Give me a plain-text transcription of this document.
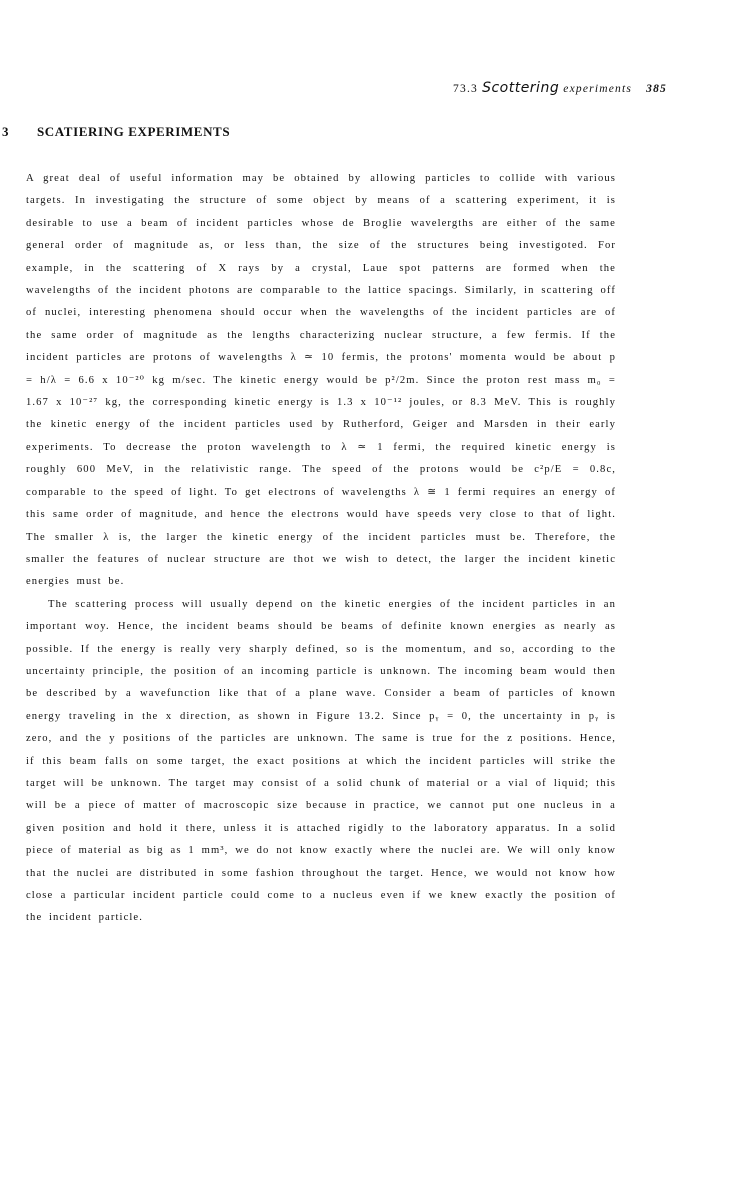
73.3 Scottering experiments 385
3 SCATIERING EXPERIMENTS

A great deal of useful information may be obtained by allowing particles to collide with various targets. In investigating the structure of some object by means of a scattering experiment, it is desirable to use a beam of incident particles whose de Broglie wavelergths are either of the same general order of magnitude as, or less than, the size of the structures being investigoted. For example, in the scattering of X rays by a crystal, Laue spot patterns are formed when the wavelengths of the incident photons are comparable to the lattice spacings. Similarly, in scattering off of nuclei, interesting phenomena should occur when the wavelengths of the incident particles are of the same order of magnitude as the lengths characterizing nuclear structure, a few fermis. If the incident particles are protons of wavelengths λ ≃ 10 fermis, the protons' momenta would be about p = h/λ = 6.6 x 10⁻²⁰ kg m/sec. The kinetic energy would be p²/2m. Since the proton rest mass m₀ = 1.67 x 10⁻²⁷ kg, the corresponding kinetic energy is 1.3 x 10⁻¹² joules, or 8.3 MeV. This is roughly the kinetic energy of the incident particles used by Rutherford, Geiger and Marsden in their early experiments. To decrease the proton wavelength to λ ≃ 1 fermi, the required kinetic energy is roughly 600 MeV, in the relativistic range. The speed of the protons would be c²p/E = 0.8c, comparable to the speed of light. To get electrons of wavelengths λ ≅ 1 fermi requires an energy of this same order of magnitude, and hence the electrons would have speeds very close to that of light. The smaller λ is, the larger the kinetic energy of the incident particles must be. Therefore, the smaller the features of nuclear structure are thot we wish to detect, the larger the incident kinetic energies must be.

The scattering process will usually depend on the kinetic energies of the incident particles in an important woy. Hence, the incident beams should be beams of definite known energies as nearly as possible. If the energy is really very sharply defined, so is the momentum, and so, according to the uncertainty principle, the position of an incoming particle is unknown. The incoming beam would then be described by a wavefunction like that of a plane wave. Consider a beam of particles of known energy traveling in the x direction, as shown in Figure 13.2. Since pᵧ = 0, the uncertainty in pᵧ is zero, and the y positions of the particles are unknown. The same is true for the z positions. Hence, if this beam falls on some target, the exact positions at which the incident particles will strike the target will be unknown. The target may consist of a solid chunk of material or a vial of liquid; this will be a piece of matter of macroscopic size because in practice, we cannot put one nucleus in a given position and hold it there, unless it is attached rigidly to the laboratory apparatus. In a solid piece of material as big as 1 mm³, we do not know exactly where the nuclei are. We will only know that the nuclei are distributed in some fashion throughout the target. Hence, we would not know how close a particular incident particle could come to a nucleus even if we knew exactly the position of the incident particle.
